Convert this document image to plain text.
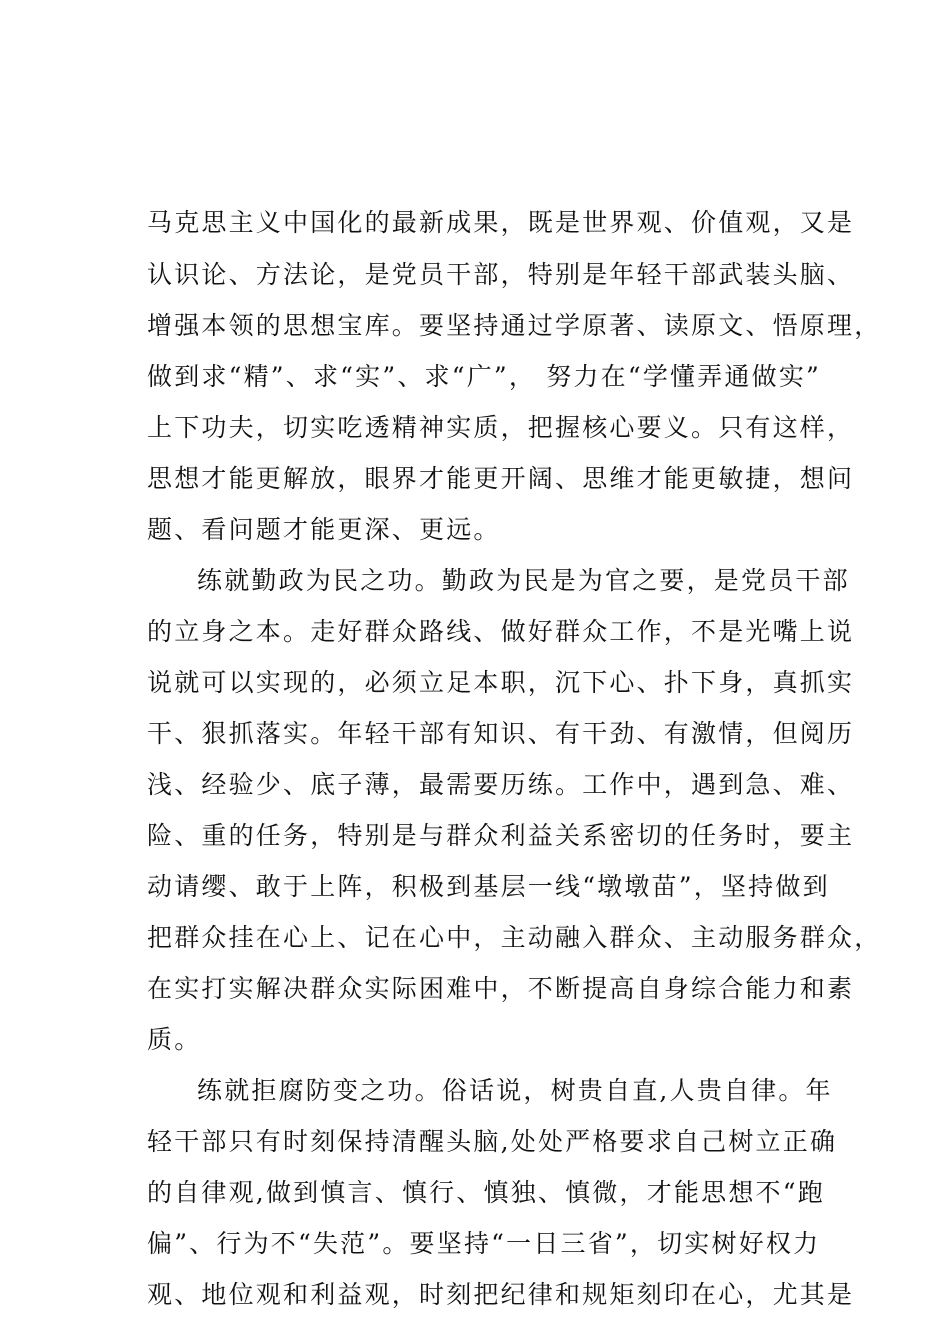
马克思主义中国化的最新成果，既是世界观、价值观，又是
认识论、方法论，是党员干部，特别是年轻干部武装头脑、
增强本领的思想宝库。要坚持通过学原著、读原文、悟原理，
做到求“精”、求“实”、求“广”， 努力在“学懂弄通做实”
上下功夫，切实吃透精神实质，把握核心要义。只有这样，
思想才能更解放，眼界才能更开阔、思维才能更敏捷，想问
题、看问题才能更深、更远。
练就勤政为民之功。勤政为民是为官之要，是党员干部
的立身之本。走好群众路线、做好群众工作，不是光嘴上说
说就可以实现的，必须立足本职，沉下心、扑下身，真抓实
干、狠抓落实。年轻干部有知识、有干劲、有激情，但阅历
浅、经验少、底子薄，最需要历练。工作中，遇到急、难、
险、重的任务，特别是与群众利益关系密切的任务时，要主
动请缨、敢于上阵，积极到基层一线“墩墩苗”，坚持做到
把群众挂在心上、记在心中，主动融入群众、主动服务群众，
在实打实解决群众实际困难中，不断提高自身综合能力和素
质。
练就拒腐防变之功。俗话说，树贵自直,人贵自律。年
轻干部只有时刻保持清醒头脑,处处严格要求自己树立正确
的自律观,做到慎言、慎行、慎独、慎微，才能思想不“跑
偏”、行为不“失范”。要坚持“一日三省”，切实树好权力
观、地位观和利益观，时刻把纪律和规矩刻印在心，尤其是
